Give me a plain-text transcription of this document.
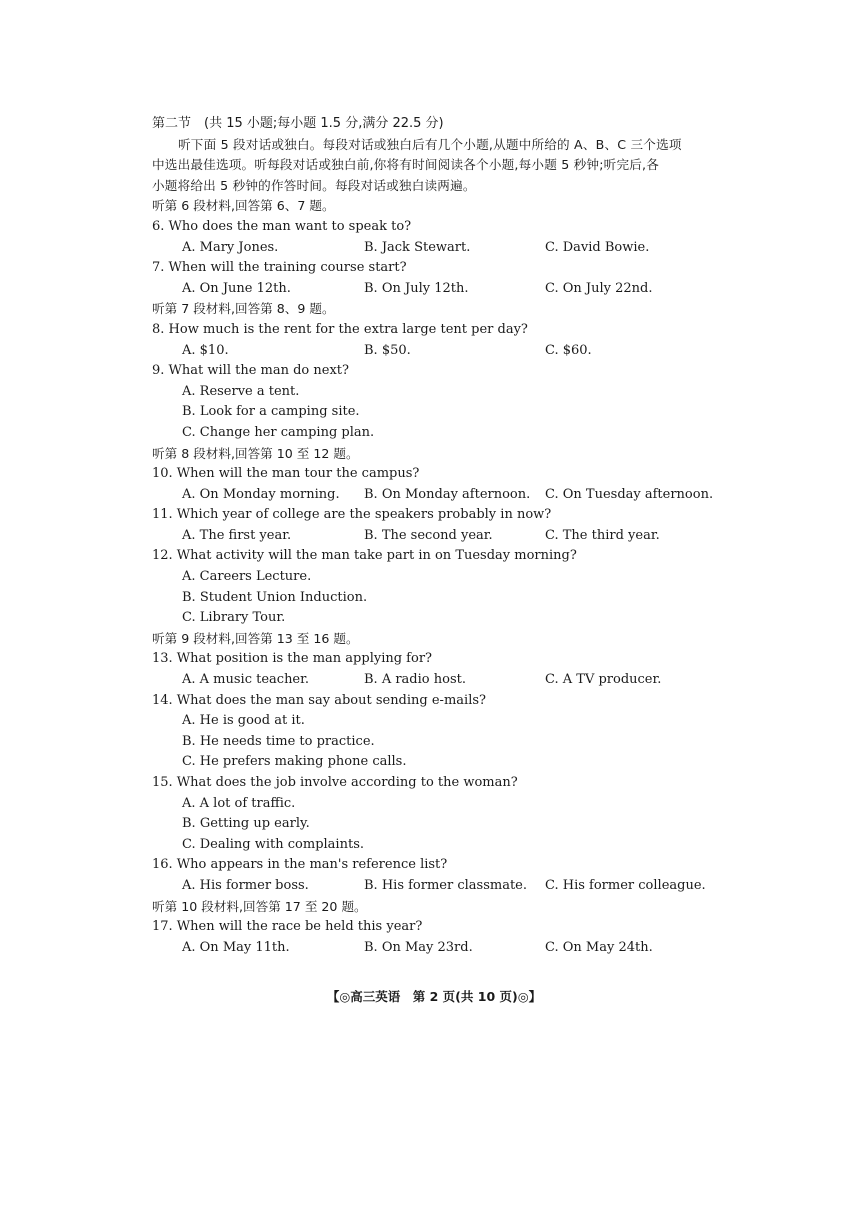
第二节　(共 15 小题;每小题 1.5 分,满分 22.5 分)
听下面 5 段对话或独白。每段对话或独白后有几个小题,从题中所给的 A、B、C 三个选项
中选出最佳选项。听每段对话或独白前,你将有时间阅读各个小题,每小题 5 秒钟;听完后,各
小题将给出 5 秒钟的作答时间。每段对话或独白读两遍。
听第 6 段材料,回答第 6、7 题。
6. Who does the man want to speak to?
A. Mary Jones.	B. Jack Stewart.	C. David Bowie.
7. When will the training course start?
A. On June 12th.	B. On July 12th.	C. On July 22nd.
听第 7 段材料,回答第 8、9 题。
8. How much is the rent for the extra large tent per day?
A. $10.	B. $50.	C. $60.
9. What will the man do next?
A. Reserve a tent.
B. Look for a camping site.
C. Change her camping plan.
听第 8 段材料,回答第 10 至 12 题。
10. When will the man tour the campus?
A. On Monday morning. B. On Monday afternoon. C. On Tuesday afternoon.
11. Which year of college are the speakers probably in now?
A. The first year.	B. The second year.	C. The third year.
12. What activity will the man take part in on Tuesday morning?
A. Careers Lecture.
B. Student Union Induction.
C. Library Tour.
听第 9 段材料,回答第 13 至 16 题。
13. What position is the man applying for?
A. A music teacher.	B. A radio host.	C. A TV producer.
14. What does the man say about sending e-mails?
A. He is good at it.
B. He needs time to practice.
C. He prefers making phone calls.
15. What does the job involve according to the woman?
A. A lot of traffic.
B. Getting up early.
C. Dealing with complaints.
16. Who appears in the man's reference list?
A. His former boss.	B. His former classmate. C. His former colleague.
听第 10 段材料,回答第 17 至 20 题。
17. When will the race be held this year?
A. On May 11th.	B. On May 23rd.	C. On May 24th.
【◎高三英语　第 2 页(共 10 页)◎】
